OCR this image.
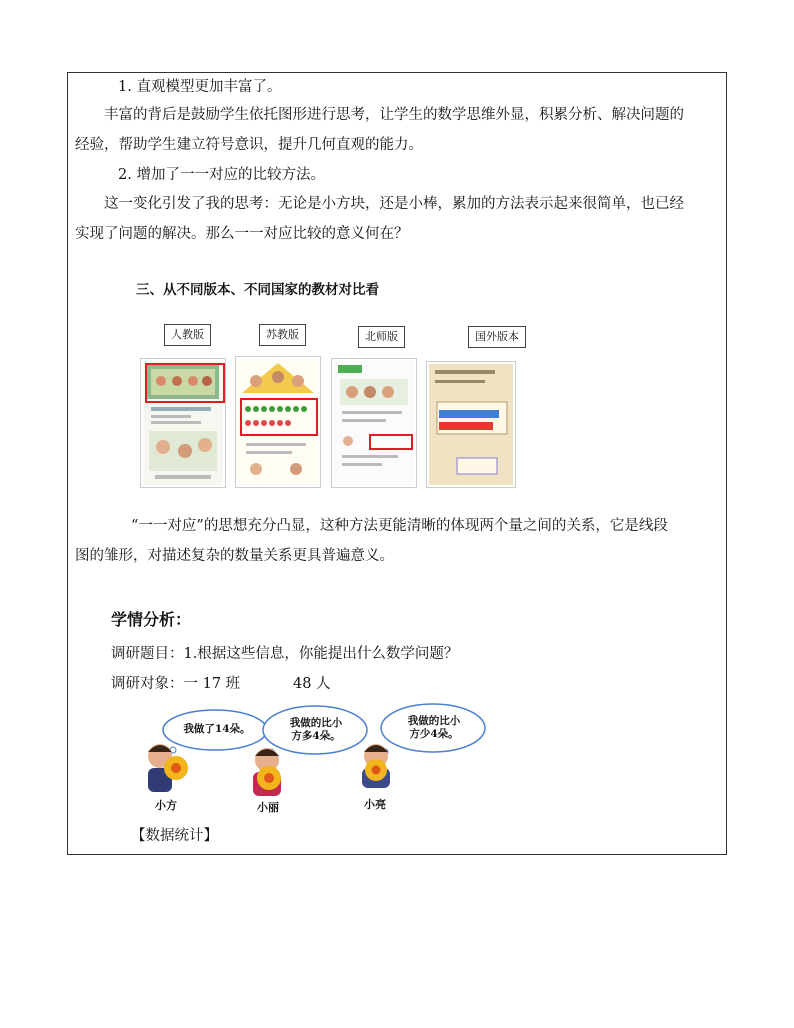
1. 直观模型更加丰富了。
丰富的背后是鼓励学生依托图形进行思考，让学生的数学思维外显，积累分析、解决问题的
经验，帮助学生建立符号意识，提升几何直观的能力。
2. 增加了一一对应的比较方法。
这一变化引发了我的思考：无论是小方块，还是小棒，累加的方法表示起来很简单，也已经
实现了问题的解决。那么一一对应比较的意义何在？
三、从不同版本、不同国家的教材对比看
人教版	苏教版	北师版	国外版本
“一一对应”的思想充分凸显，这种方法更能清晰的体现两个量之间的关系，它是线段
图的雏形，对描述复杂的数量关系更具普遍意义。
学情分析：
调研题目：1.根据这些信息，你能提出什么数学问题？
调研对象：一 17 班	48 人
我做了14朵。	我做的比小方多4朵。
我做的比小方少4朵。
小方	小丽	小亮
【数据统计】
